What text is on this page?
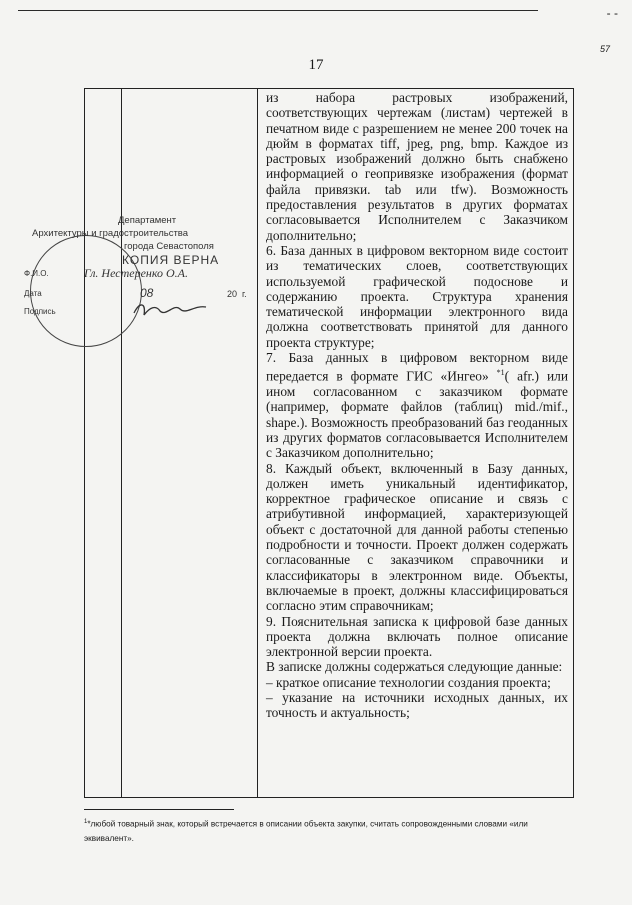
- -
17
57

из набора растровых изображений, соответствующих чертежам (листам) чертежей в печатном виде с разрешением не менее 200 точек на дюйм в форматах tiff, jpeg, png, bmp. Каждое из растровых изображений должно быть снабжено информацией о геопривязке изображения (формат файла привязки. tab или tfw). Возможность предоставления результатов в других форматах согласовывается Исполнителем с Заказчиком дополнительно;

6. База данных в цифровом векторном виде состоит из тематических слоев, соответствующих используемой графической подоснове и содержанию проекта. Структура хранения тематической информации электронного вида должна соответствовать принятой для данного проекта структуре;

7. База данных в цифровом векторном виде передается в формате ГИС «Ингео» $^{*1}$( afr.) или ином согласованном с заказчиком формате (например, формате файлов (таблиц) mid./mif., shape.). Возможность преобразований баз геоданных из других форматов согласовывается Исполнителем с Заказчиком дополнительно;

8. Каждый объект, включенный в Базу данных, должен иметь уникальный идентификатор, корректное графическое описание и связь с атрибутивной информацией, характеризующей объект с достаточной для данной работы степенью подробности и точности. Проект должен содержать согласованные с заказчиком справочники и классификаторы в электронном виде. Объекты, включаемые в проект, должны классифицироваться согласно этим справочникам;

9. Пояснительная записка к цифровой базе данных проекта должна включать полное описание электронной версии проекта.

В записке должны содержаться следующие данные:

– краткое описание технологии создания проекта;

– указание на источники исходных данных, их точность и актуальность;

Департамент
Архитектуры и градостроительства
города Севастополя
КОПИЯ ВЕРНА
Ф.И.О.	Гл. Нестеренко О.А.
Дата	08	20 г.
Подпись
$^1$*любой товарный знак, который встречается в описании объекта закупки, считать сопровожденными словами «или эквивалент».
